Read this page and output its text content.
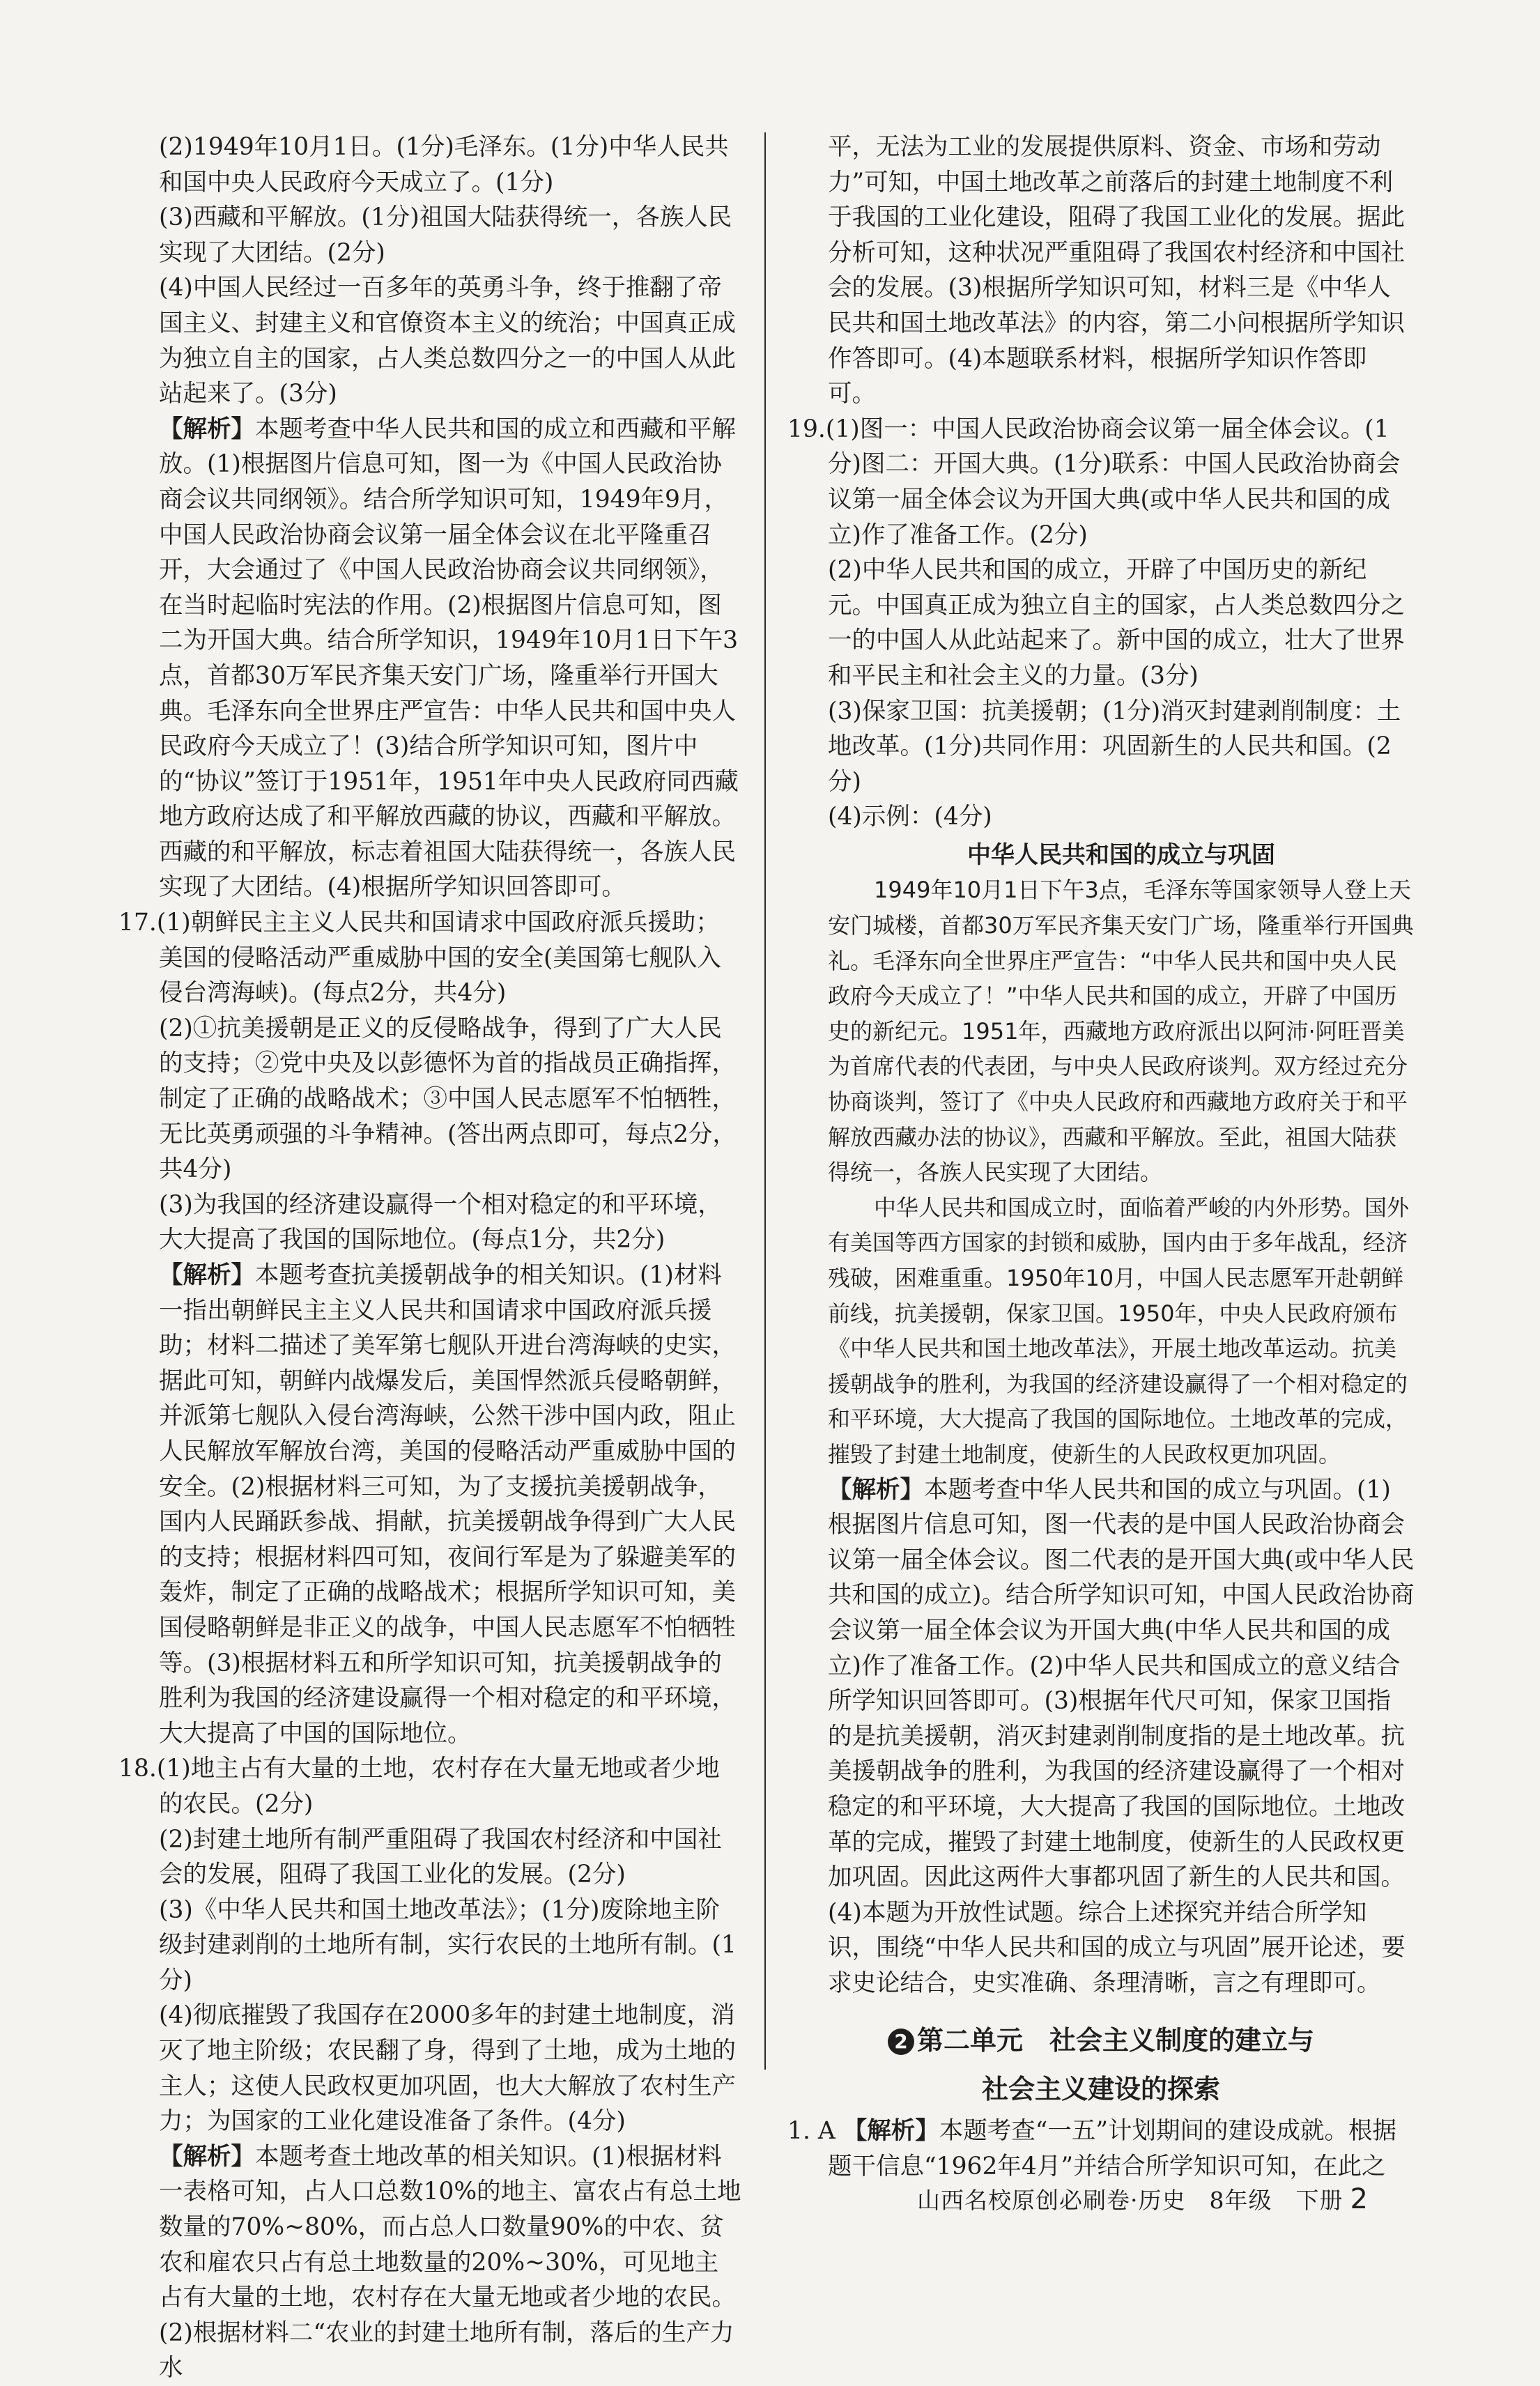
(2)1949年10月1日。(1分)毛泽东。(1分)中华人民共和国中央人民政府今天成立了。(1分)

(3)西藏和平解放。(1分)祖国大陆获得统一，各族人民实现了大团结。(2分)

(4)中国人民经过一百多年的英勇斗争，终于推翻了帝国主义、封建主义和官僚资本主义的统治；中国真正成为独立自主的国家，占人类总数四分之一的中国人从此站起来了。(3分)

【解析】本题考查中华人民共和国的成立和西藏和平解放。(1)根据图片信息可知，图一为《中国人民政治协商会议共同纲领》。结合所学知识可知，1949年9月，中国人民政治协商会议第一届全体会议在北平隆重召开，大会通过了《中国人民政治协商会议共同纲领》，在当时起临时宪法的作用。(2)根据图片信息可知，图二为开国大典。结合所学知识，1949年10月1日下午3点，首都30万军民齐集天安门广场，隆重举行开国大典。毛泽东向全世界庄严宣告：中华人民共和国中央人民政府今天成立了！(3)结合所学知识可知，图片中的“协议”签订于1951年，1951年中央人民政府同西藏地方政府达成了和平解放西藏的协议，西藏和平解放。西藏的和平解放，标志着祖国大陆获得统一，各族人民实现了大团结。(4)根据所学知识回答即可。

17.(1)朝鲜民主主义人民共和国请求中国政府派兵援助；美国的侵略活动严重威胁中国的安全(美国第七舰队入侵台湾海峡)。(每点2分，共4分)

(2)①抗美援朝是正义的反侵略战争，得到了广大人民的支持；②党中央及以彭德怀为首的指战员正确指挥，制定了正确的战略战术；③中国人民志愿军不怕牺牲，无比英勇顽强的斗争精神。(答出两点即可，每点2分，共4分)

(3)为我国的经济建设赢得一个相对稳定的和平环境，大大提高了我国的国际地位。(每点1分，共2分)

【解析】本题考查抗美援朝战争的相关知识。(1)材料一指出朝鲜民主主义人民共和国请求中国政府派兵援助；材料二描述了美军第七舰队开进台湾海峡的史实，据此可知，朝鲜内战爆发后，美国悍然派兵侵略朝鲜，并派第七舰队入侵台湾海峡，公然干涉中国内政，阻止人民解放军解放台湾，美国的侵略活动严重威胁中国的安全。(2)根据材料三可知，为了支援抗美援朝战争，国内人民踊跃参战、捐献，抗美援朝战争得到广大人民的支持；根据材料四可知，夜间行军是为了躲避美军的轰炸，制定了正确的战略战术；根据所学知识可知，美国侵略朝鲜是非正义的战争，中国人民志愿军不怕牺牲等。(3)根据材料五和所学知识可知，抗美援朝战争的胜利为我国的经济建设赢得一个相对稳定的和平环境，大大提高了中国的国际地位。

18.(1)地主占有大量的土地，农村存在大量无地或者少地的农民。(2分)

(2)封建土地所有制严重阻碍了我国农村经济和中国社会的发展，阻碍了我国工业化的发展。(2分)

(3)《中华人民共和国土地改革法》；(1分)废除地主阶级封建剥削的土地所有制，实行农民的土地所有制。(1分)

(4)彻底摧毁了我国存在2000多年的封建土地制度，消灭了地主阶级；农民翻了身，得到了土地，成为土地的主人；这使人民政权更加巩固，也大大解放了农村生产力；为国家的工业化建设准备了条件。(4分)

【解析】本题考查土地改革的相关知识。(1)根据材料一表格可知，占人口总数10%的地主、富农占有总土地数量的70%~80%，而占总人口数量90%的中农、贫农和雇农只占有总土地数量的20%~30%，可见地主占有大量的土地，农村存在大量无地或者少地的农民。(2)根据材料二“农业的封建土地所有制，落后的生产力水

平，无法为工业的发展提供原料、资金、市场和劳动力”可知，中国土地改革之前落后的封建土地制度不利于我国的工业化建设，阻碍了我国工业化的发展。据此分析可知，这种状况严重阻碍了我国农村经济和中国社会的发展。(3)根据所学知识可知，材料三是《中华人民共和国土地改革法》的内容，第二小问根据所学知识作答即可。(4)本题联系材料，根据所学知识作答即可。

19.(1)图一：中国人民政治协商会议第一届全体会议。(1分)图二：开国大典。(1分)联系：中国人民政治协商会议第一届全体会议为开国大典(或中华人民共和国的成立)作了准备工作。(2分)

(2)中华人民共和国的成立，开辟了中国历史的新纪元。中国真正成为独立自主的国家，占人类总数四分之一的中国人从此站起来了。新中国的成立，壮大了世界和平民主和社会主义的力量。(3分)

(3)保家卫国：抗美援朝；(1分)消灭封建剥削制度：土地改革。(1分)共同作用：巩固新生的人民共和国。(2分)

(4)示例：(4分)

中华人民共和国的成立与巩固

1949年10月1日下午3点，毛泽东等国家领导人登上天安门城楼，首都30万军民齐集天安门广场，隆重举行开国典礼。毛泽东向全世界庄严宣告：“中华人民共和国中央人民政府今天成立了！”中华人民共和国的成立，开辟了中国历史的新纪元。1951年，西藏地方政府派出以阿沛·阿旺晋美为首席代表的代表团，与中央人民政府谈判。双方经过充分协商谈判，签订了《中央人民政府和西藏地方政府关于和平解放西藏办法的协议》，西藏和平解放。至此，祖国大陆获得统一，各族人民实现了大团结。

中华人民共和国成立时，面临着严峻的内外形势。国外有美国等西方国家的封锁和威胁，国内由于多年战乱，经济残破，困难重重。1950年10月，中国人民志愿军开赴朝鲜前线，抗美援朝，保家卫国。1950年，中央人民政府颁布《中华人民共和国土地改革法》，开展土地改革运动。抗美援朝战争的胜利，为我国的经济建设赢得了一个相对稳定的和平环境，大大提高了我国的国际地位。土地改革的完成，摧毁了封建土地制度，使新生的人民政权更加巩固。

【解析】本题考查中华人民共和国的成立与巩固。(1)根据图片信息可知，图一代表的是中国人民政治协商会议第一届全体会议。图二代表的是开国大典(或中华人民共和国的成立)。结合所学知识可知，中国人民政治协商会议第一届全体会议为开国大典(中华人民共和国的成立)作了准备工作。(2)中华人民共和国成立的意义结合所学知识回答即可。(3)根据年代尺可知，保家卫国指的是抗美援朝，消灭封建剥削制度指的是土地改革。抗美援朝战争的胜利，为我国的经济建设赢得了一个相对稳定的和平环境，大大提高了我国的国际地位。土地改革的完成，摧毁了封建土地制度，使新生的人民政权更加巩固。因此这两件大事都巩固了新生的人民共和国。(4)本题为开放性试题。综合上述探究并结合所学知识，围绕“中华人民共和国的成立与巩固”展开论述，要求史论结合，史实准确、条理清晰，言之有理即可。

2 第二单元　社会主义制度的建立与
社会主义建设的探索

1. A 【解析】本题考查“一五”计划期间的建设成就。根据题干信息“1962年4月”并结合所学知识可知，在此之

山西名校原创必刷卷·历史　8年级　下册 2
